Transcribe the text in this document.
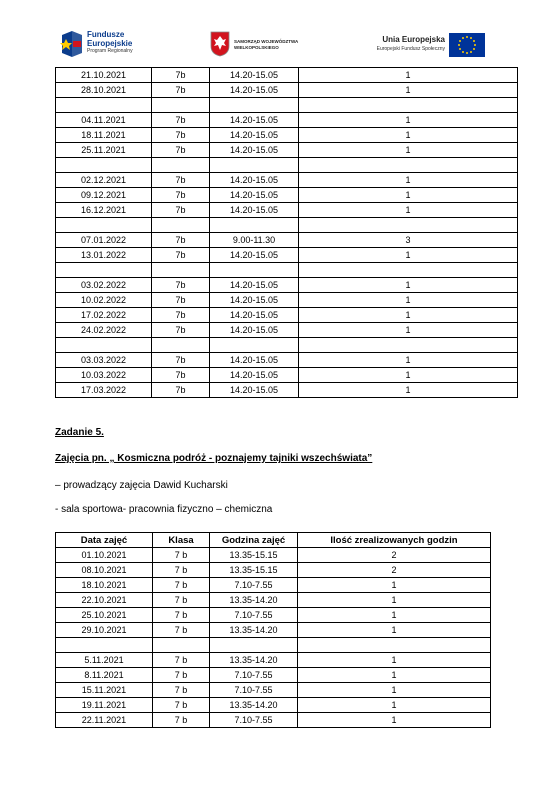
Fundusze
Europejskie
Program Regionalny
SAMORZĄD WOJEWÓDZTWA
WIELKOPOLSKIEGO
Unia Europejska
Europejski Fundusz Społeczny
21.10.2021	7b	14.20-15.05	1
28.10.2021	7b	14.20-15.05	1

04.11.2021	7b	14.20-15.05	1
18.11.2021	7b	14.20-15.05	1
25.11.2021	7b	14.20-15.05	1

02.12.2021	7b	14.20-15.05	1
09.12.2021	7b	14.20-15.05	1
16.12.2021	7b	14.20-15.05	1

07.01.2022	7b	9.00-11.30	3
13.01.2022	7b	14.20-15.05	1

03.02.2022	7b	14.20-15.05	1
10.02.2022	7b	14.20-15.05	1
17.02.2022	7b	14.20-15.05	1
24.02.2022	7b	14.20-15.05	1

03.03.2022	7b	14.20-15.05	1
10.03.2022	7b	14.20-15.05	1
17.03.2022	7b	14.20-15.05	1
Zadanie 5.
Zajęcia pn. „ Kosmiczna podróż - poznajemy tajniki wszechświata”
– prowadzący zajęcia Dawid Kucharski
- sala sportowa- pracownia fizyczno – chemiczna
Data zajęć	Klasa	Godzina zajęć	Ilość zrealizowanych godzin
01.10.2021	7 b	13.35-15.15	2
08.10.2021	7 b	13.35-15.15	2
18.10.2021	7 b	7.10-7.55	1
22.10.2021	7 b	13.35-14.20	1
25.10.2021	7 b	7.10-7.55	1
29.10.2021	7 b	13.35-14.20	1

5.11.2021	7 b	13.35-14.20	1
8.11.2021	7 b	7.10-7.55	1
15.11.2021	7 b	7.10-7.55	1
19.11.2021	7 b	13.35-14.20	1
22.11.2021	7 b	7.10-7.55	1
